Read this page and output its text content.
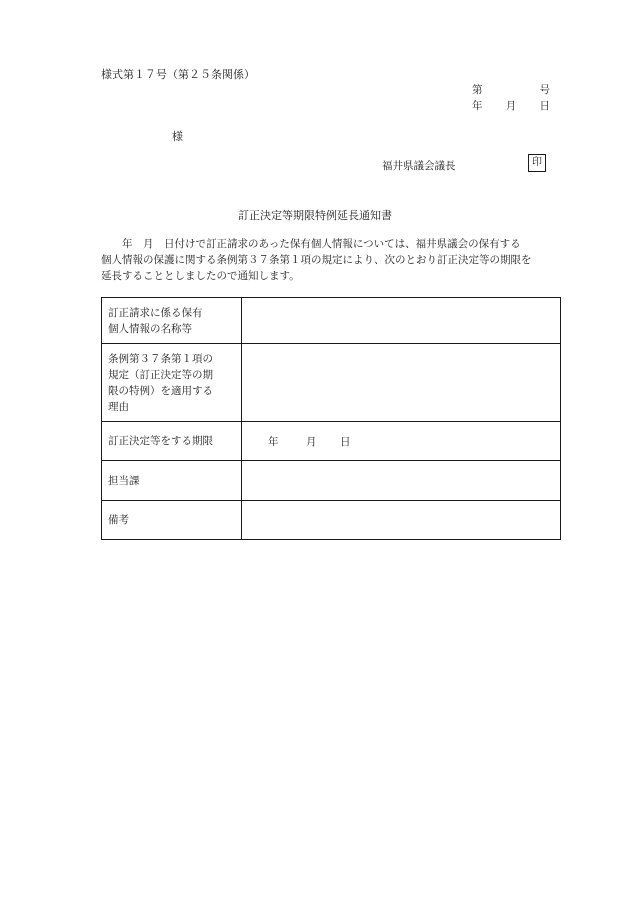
様式第１７号（第２５条関係）
第	号
年 月 日
様
福井県議会議長	印
訂正決定等期限特例延長通知書
年　月　日付けで訂正請求のあった保有個人情報については、福井県議会の保有する
個人情報の保護に関する条例第３７条第１項の規定により、次のとおり訂正決定等の期限を
延長することとしましたので通知します。
訂正請求に係る保有
個人情報の名称等	

条例第３７条第１項の
規定（訂正決定等の期
限の特例）を適用する
理由	

訂正決定等をする期限	年 月 日

担当課	

備考	
